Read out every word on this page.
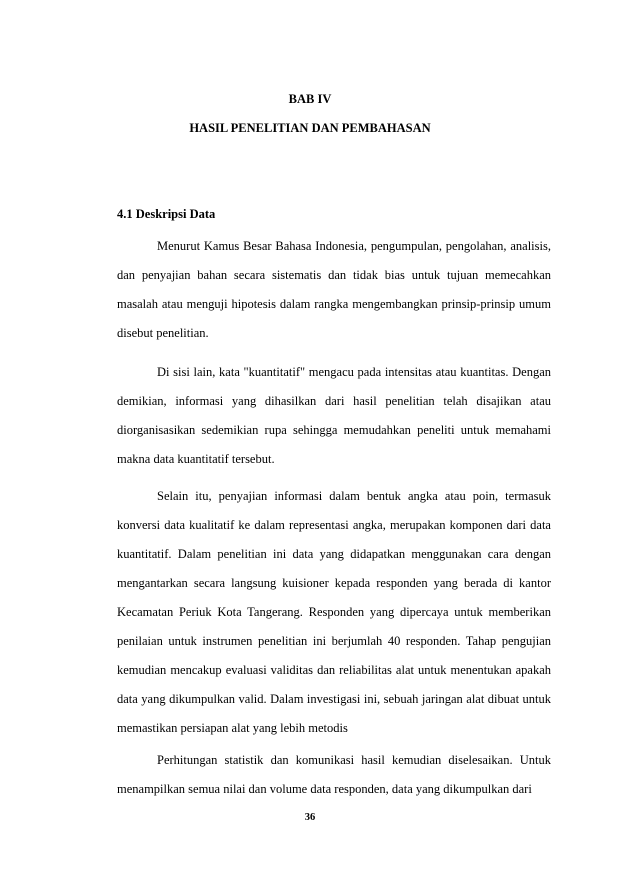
BAB IV
HASIL PENELITIAN DAN PEMBAHASAN
4.1 Deskripsi Data

Menurut Kamus Besar Bahasa Indonesia, pengumpulan, pengolahan, analisis, dan penyajian bahan secara sistematis dan tidak bias untuk tujuan memecahkan masalah atau menguji hipotesis dalam rangka mengembangkan prinsip-prinsip umum disebut penelitian.

Di sisi lain, kata "kuantitatif" mengacu pada intensitas atau kuantitas. Dengan demikian, informasi yang dihasilkan dari hasil penelitian telah disajikan atau diorganisasikan sedemikian rupa sehingga memudahkan peneliti untuk memahami makna data kuantitatif tersebut.

Selain itu, penyajian informasi dalam bentuk angka atau poin, termasuk konversi data kualitatif ke dalam representasi angka, merupakan komponen dari data kuantitatif. Dalam penelitian ini data yang didapatkan menggunakan cara dengan mengantarkan secara langsung kuisioner kepada responden yang berada di kantor Kecamatan Periuk Kota Tangerang. Responden yang dipercaya untuk memberikan penilaian untuk instrumen penelitian ini berjumlah 40 responden. Tahap pengujian kemudian mencakup evaluasi validitas dan reliabilitas alat untuk menentukan apakah data yang dikumpulkan valid. Dalam investigasi ini, sebuah jaringan alat dibuat untuk memastikan persiapan alat yang lebih metodis

Perhitungan statistik dan komunikasi hasil kemudian diselesaikan. Untuk menampilkan semua nilai dan volume data responden, data yang dikumpulkan dari

36
